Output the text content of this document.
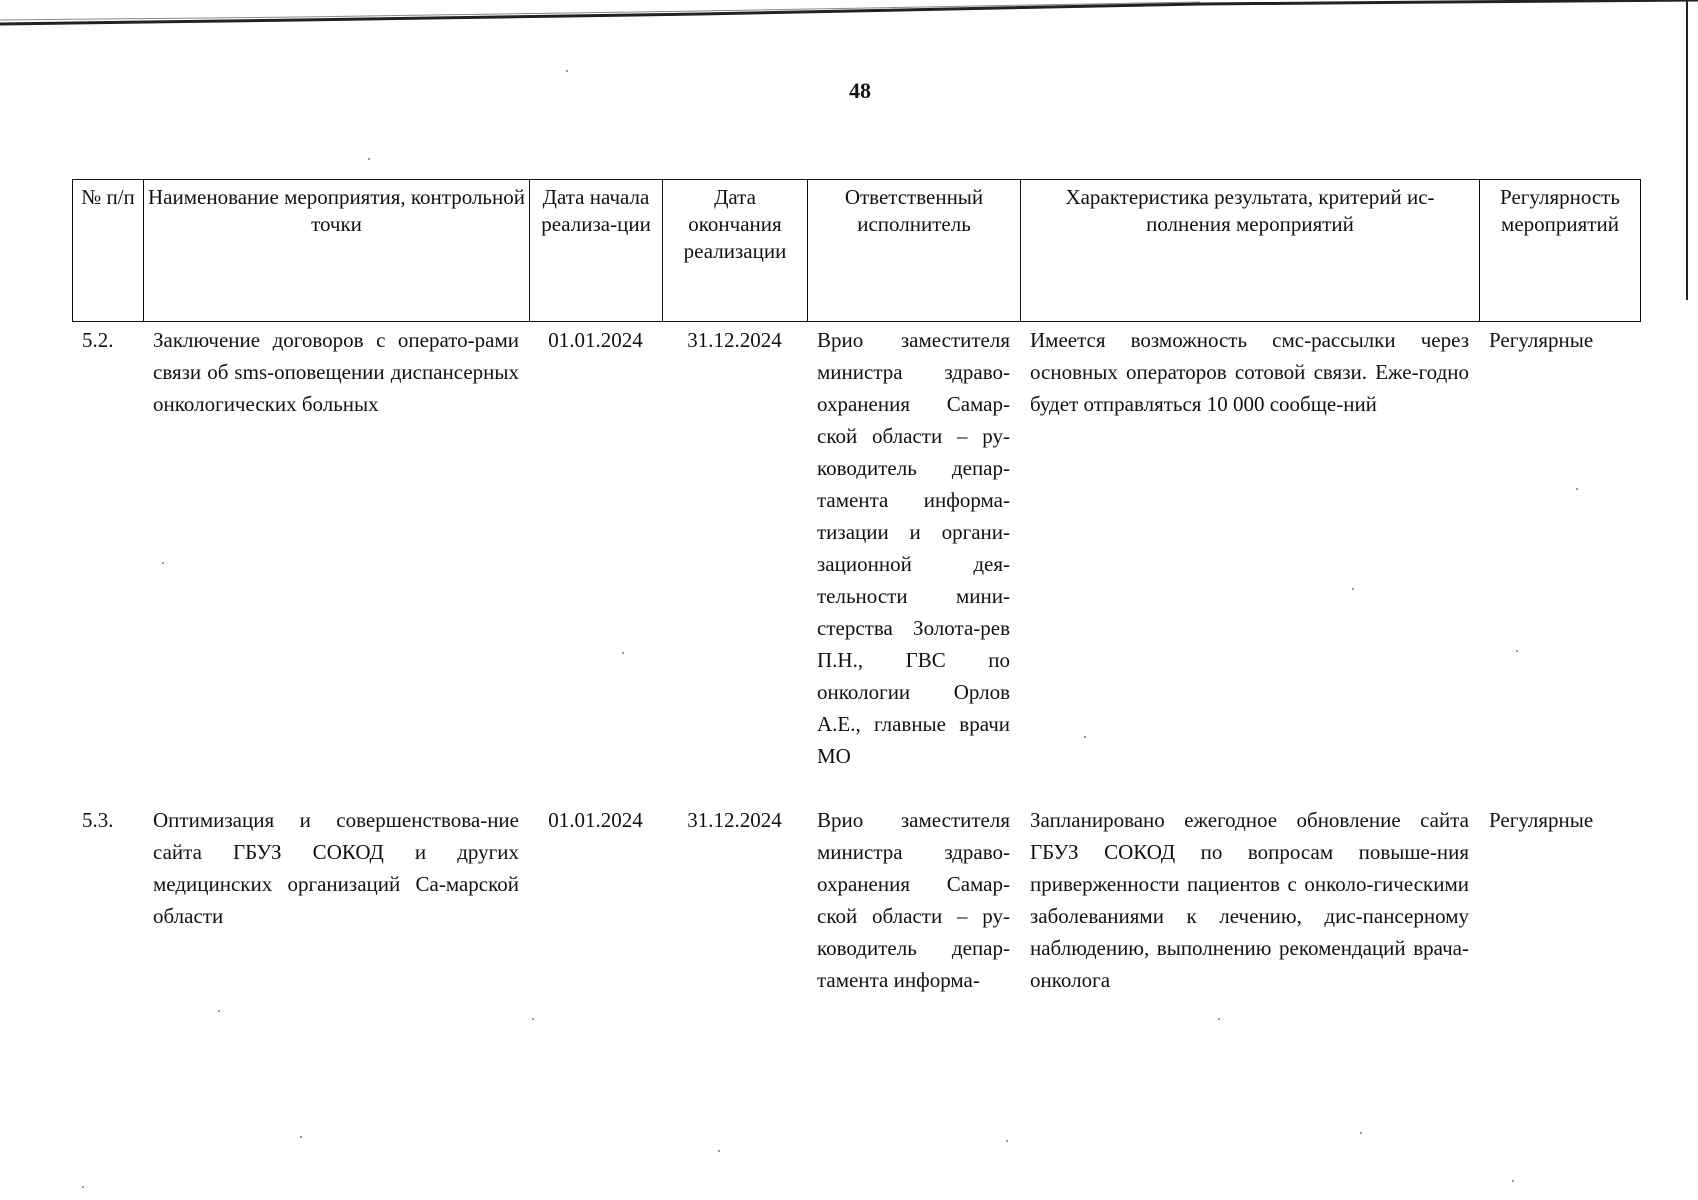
48
№ п/п	Наименование мероприятия, контрольной точки	Дата начала реализа-ции	Дата окончания реализации	Ответственный исполнитель	Характеристика результата, критерий ис-полнения мероприятий	Регулярность мероприятий
5.2.	Заключение договоров с операто-рами связи об sms-оповещении диспансерных онкологических больных	01.01.2024	31.12.2024	Врио заместителя министра здраво-охранения Самар-ской области – ру-ководитель депар-тамента информа-тизации и органи-зационной дея-тельности мини-стерства Золота-рев П.Н., ГВС по онкологии Орлов А.Е., главные врачи МО	Имеется возможность смс-рассылки через основных операторов сотовой связи. Еже-годно будет отправляться 10 000 сообще-ний	Регулярные
5.3.	Оптимизация и совершенствова-ние сайта ГБУЗ СОКОД и других медицинских организаций Са-марской области	01.01.2024	31.12.2024	Врио заместителя министра здраво-охранения Самар-ской области – ру-ководитель депар-тамента информа-	Запланировано ежегодное обновление сайта ГБУЗ СОКОД по вопросам повыше-ния приверженности пациентов с онколо-гическими заболеваниями к лечению, дис-пансерному наблюдению, выполнению рекомендаций врача-онколога	Регулярные
